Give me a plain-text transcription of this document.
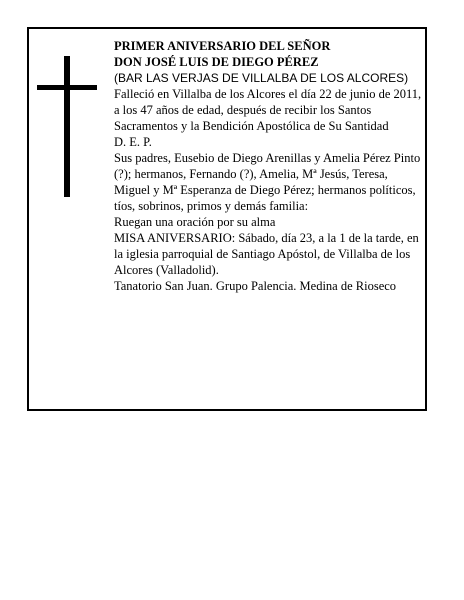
PRIMER ANIVERSARIO DEL SEÑOR
DON JOSÉ LUIS DE DIEGO PÉREZ
(BAR LAS VERJAS DE VILLALBA DE LOS ALCORES)
Falleció en Villalba de los Alcores el día 22 de junio de 2011, a los 47 años de edad, después de recibir los Santos Sacramentos y la Bendición Apostólica de Su Santidad
D. E. P.
Sus padres, Eusebio de Diego Arenillas y Amelia Pérez Pinto (?); hermanos, Fernando (?), Amelia, Mª Jesús, Teresa, Miguel y Mª Esperanza de Diego Pérez; hermanos políticos, tíos, sobrinos, primos y demás familia:
Ruegan una oración por su alma
MISA ANIVERSARIO: Sábado, día 23, a la 1 de la tarde, en la iglesia parroquial de Santiago Apóstol, de Villalba de los Alcores (Valladolid).
Tanatorio San Juan. Grupo Palencia. Medina de Rioseco
